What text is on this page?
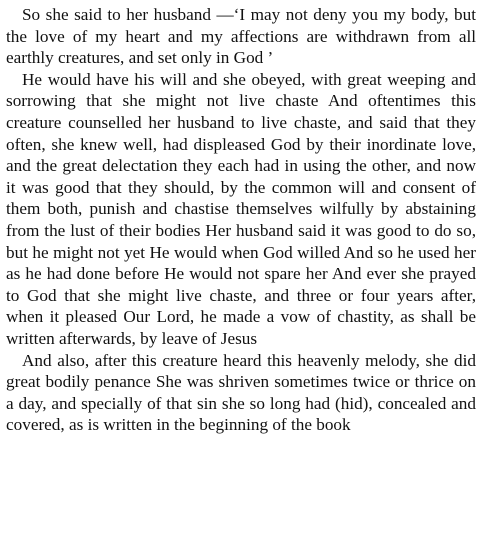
So she said to her husband —‘I may not deny you my body, but the love of my heart and my affections are withdrawn from all earthly creatures, and set only in God ’

He would have his will and she obeyed, with great weeping and sorrowing that she might not live chaste And oftentimes this creature counselled her husband to live chaste, and said that they often, she knew well, had displeased God by their inordinate love, and the great delectation they each had in using the other, and now it was good that they should, by the common will and consent of them both, punish and chastise themselves wilfully by abstaining from the lust of their bodies Her husband said it was good to do so, but he might not yet He would when God willed And so he used her as he had done before He would not spare her And ever she prayed to God that she might live chaste, and three or four years after, when it pleased Our Lord, he made a vow of chastity, as shall be written afterwards, by leave of Jesus

And also, after this creature heard this heavenly melody, she did great bodily penance She was shriven sometimes twice or thrice on a day, and specially of that sin she so long had (hid), concealed and covered, as is written in the beginning of the book
